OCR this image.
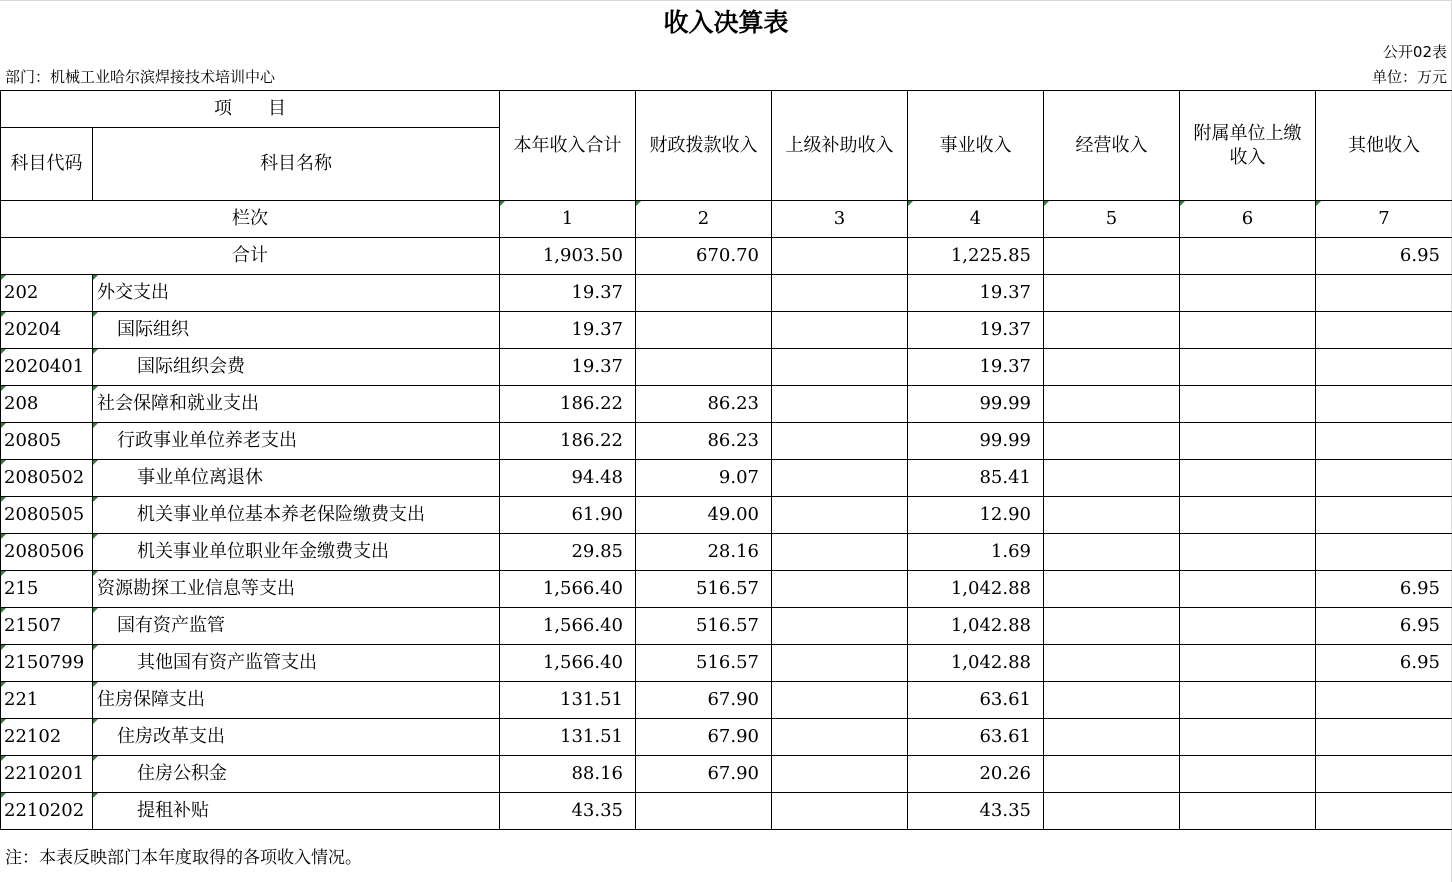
收入决算表
公开02表
部门：机械工业哈尔滨焊接技术培训中心	单位：万元
项　　目		本年收入合计	财政拨款收入	上级补助收入	事业收入	经营收入	附属单位上缴收入	其他收入
科目代码	科目名称							
栏次		1	2	3	4	5	6	7
合计		1,903.50	670.70		1,225.85			6.95
202	外交支出	19.37			19.37			
20204	国际组织	19.37			19.37			
2020401	国际组织会费	19.37			19.37			
208	社会保障和就业支出	186.22	86.23		99.99			
20805	行政事业单位养老支出	186.22	86.23		99.99			
2080502	事业单位离退休	94.48	9.07		85.41			
2080505	机关事业单位基本养老保险缴费支出	61.90	49.00		12.90			
2080506	机关事业单位职业年金缴费支出	29.85	28.16		1.69			
215	资源勘探工业信息等支出	1,566.40	516.57		1,042.88			6.95
21507	国有资产监管	1,566.40	516.57		1,042.88			6.95
2150799	其他国有资产监管支出	1,566.40	516.57		1,042.88			6.95
221	住房保障支出	131.51	67.90		63.61			
22102	住房改革支出	131.51	67.90		63.61			
2210201	住房公积金	88.16	67.90		20.26			
2210202	提租补贴	43.35			43.35			
注：本表反映部门本年度取得的各项收入情况。
